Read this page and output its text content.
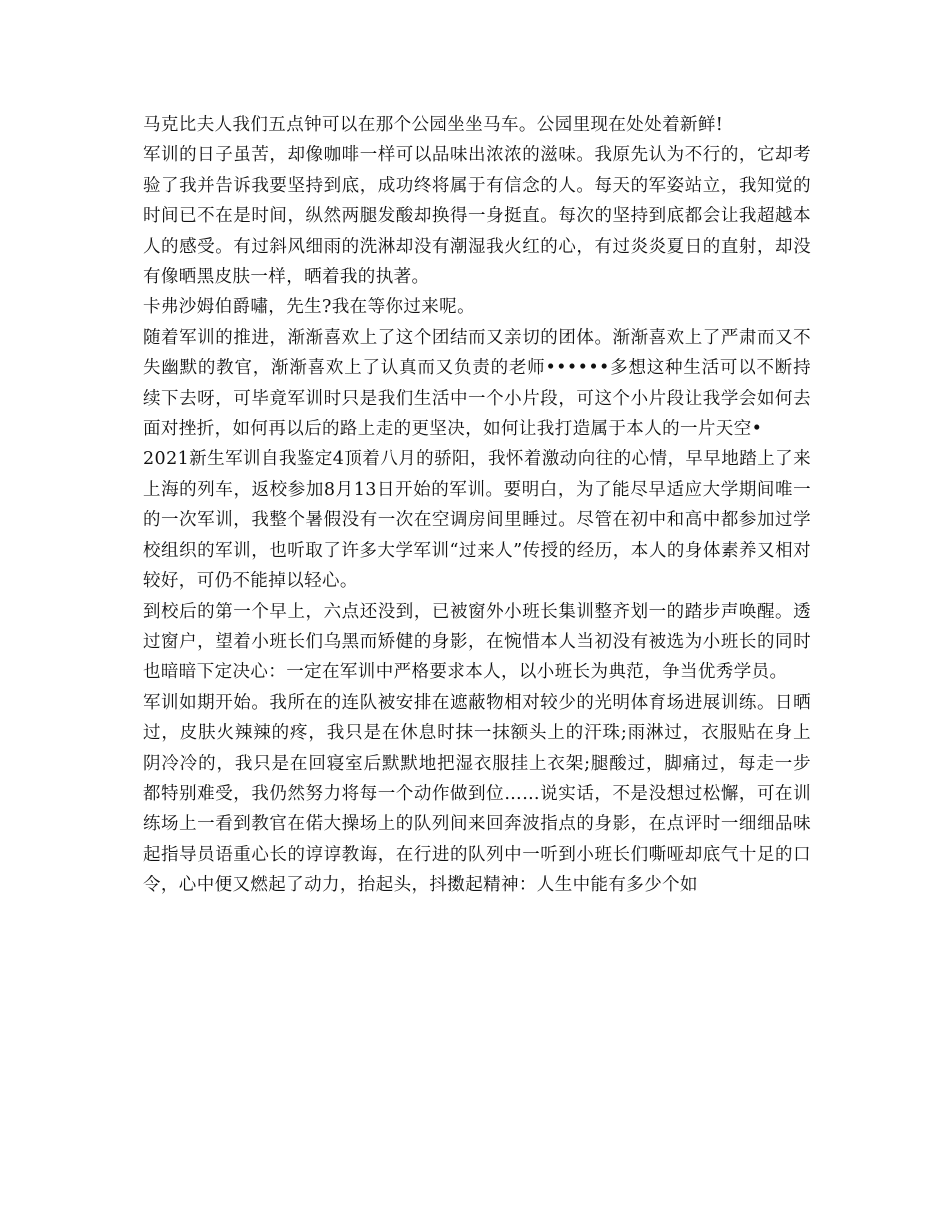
马克比夫人我们五点钟可以在那个公园坐坐马车。公园里现在处处着新鲜!

军训的日子虽苦，却像咖啡一样可以品味出浓浓的滋味。我原先认为不行的，它却考验了我并告诉我要坚持到底，成功终将属于有信念的人。每天的军姿站立，我知觉的时间已不在是时间，纵然两腿发酸却换得一身挺直。每次的坚持到底都会让我超越本人的感受。有过斜风细雨的洗淋却没有潮湿我火红的心，有过炎炎夏日的直射，却没有像晒黑皮肤一样，晒着我的执著。

卡弗沙姆伯爵嘯，先生?我在等你过来呢。

随着军训的推进，渐渐喜欢上了这个团结而又亲切的团体。渐渐喜欢上了严肃而又不失幽默的教官，渐渐喜欢上了认真而又负责的老师••••••多想这种生活可以不断持续下去呀，可毕竟军训时只是我们生活中一个小片段，可这个小片段让我学会如何去面对挫折，如何再以后的路上走的更坚决，如何让我打造属于本人的一片天空•

2021新生军训自我鉴定4顶着八月的骄阳，我怀着激动向往的心情，早早地踏上了来上海的列车，返校参加8月13日开始的军训。要明白，为了能尽早适应大学期间唯一的一次军训，我整个暑假没有一次在空调房间里睡过。尽管在初中和高中都参加过学校组织的军训，也听取了许多大学军训“过来人”传授的经历，本人的身体素养又相对较好，可仍不能掉以轻心。

到校后的第一个早上，六点还没到，已被窗外小班长集训整齐划一的踏步声唤醒。透过窗户，望着小班长们乌黑而矫健的身影，在惋惜本人当初没有被选为小班长的同时也暗暗下定决心：一定在军训中严格要求本人，以小班长为典范，争当优秀学员。

军训如期开始。我所在的连队被安排在遮蔽物相对较少的光明体育场进展训练。日晒过，皮肤火辣辣的疼，我只是在休息时抹一抹额头上的汗珠;雨淋过，衣服贴在身上阴冷冷的，我只是在回寝室后默默地把湿衣服挂上衣架;腿酸过，脚痛过，每走一步都特别难受，我仍然努力将每一个动作做到位……说实话，不是没想过松懈，可在训练场上一看到教官在偌大操场上的队列间来回奔波指点的身影，在点评时一细细品味起指导员语重心长的谆谆教诲，在行进的队列中一听到小班长们嘶哑却底气十足的口令，心中便又燃起了动力，抬起头，抖擞起精神：人生中能有多少个如
